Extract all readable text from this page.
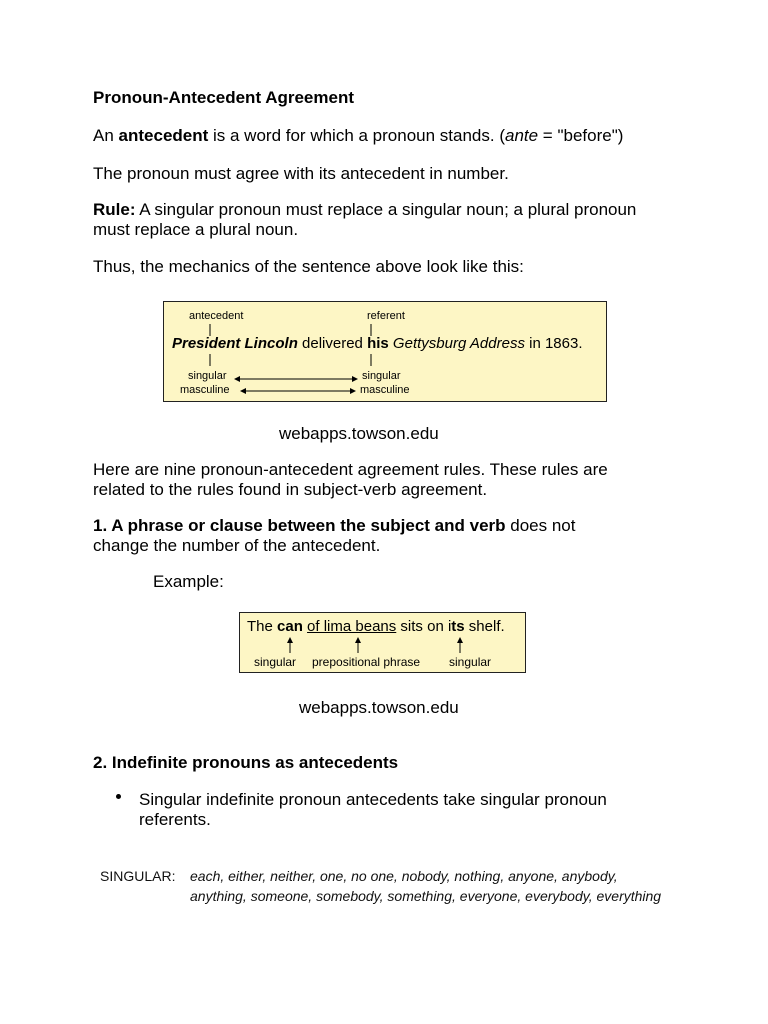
Pronoun-Antecedent Agreement

An antecedent is a word for which a pronoun stands. (ante = "before")

The pronoun must agree with its antecedent in number.

Rule: A singular pronoun must replace a singular noun; a plural pronoun
must replace a plural noun.

Thus, the mechanics of the sentence above look like this:

antecedent	referent
President Lincoln delivered his Gettysburg Address in 1863.
singular
masculine
singular
masculine
webapps.towson.edu

Here are nine pronoun-antecedent agreement rules. These rules are
related to the rules found in subject-verb agreement.

1. A phrase or clause between the subject and verb does not
change the number of the antecedent.

Example:
The can of lima beans sits on its shelf.
singular prepositional phrase singular
webapps.towson.edu
2. Indefinite pronouns as antecedents

Singular indefinite pronoun antecedents take singular pronoun
referents.

SINGULAR: each, either, neither, one, no one, nobody, nothing, anyone, anybody,
anything, someone, somebody, something, everyone, everybody, everything
